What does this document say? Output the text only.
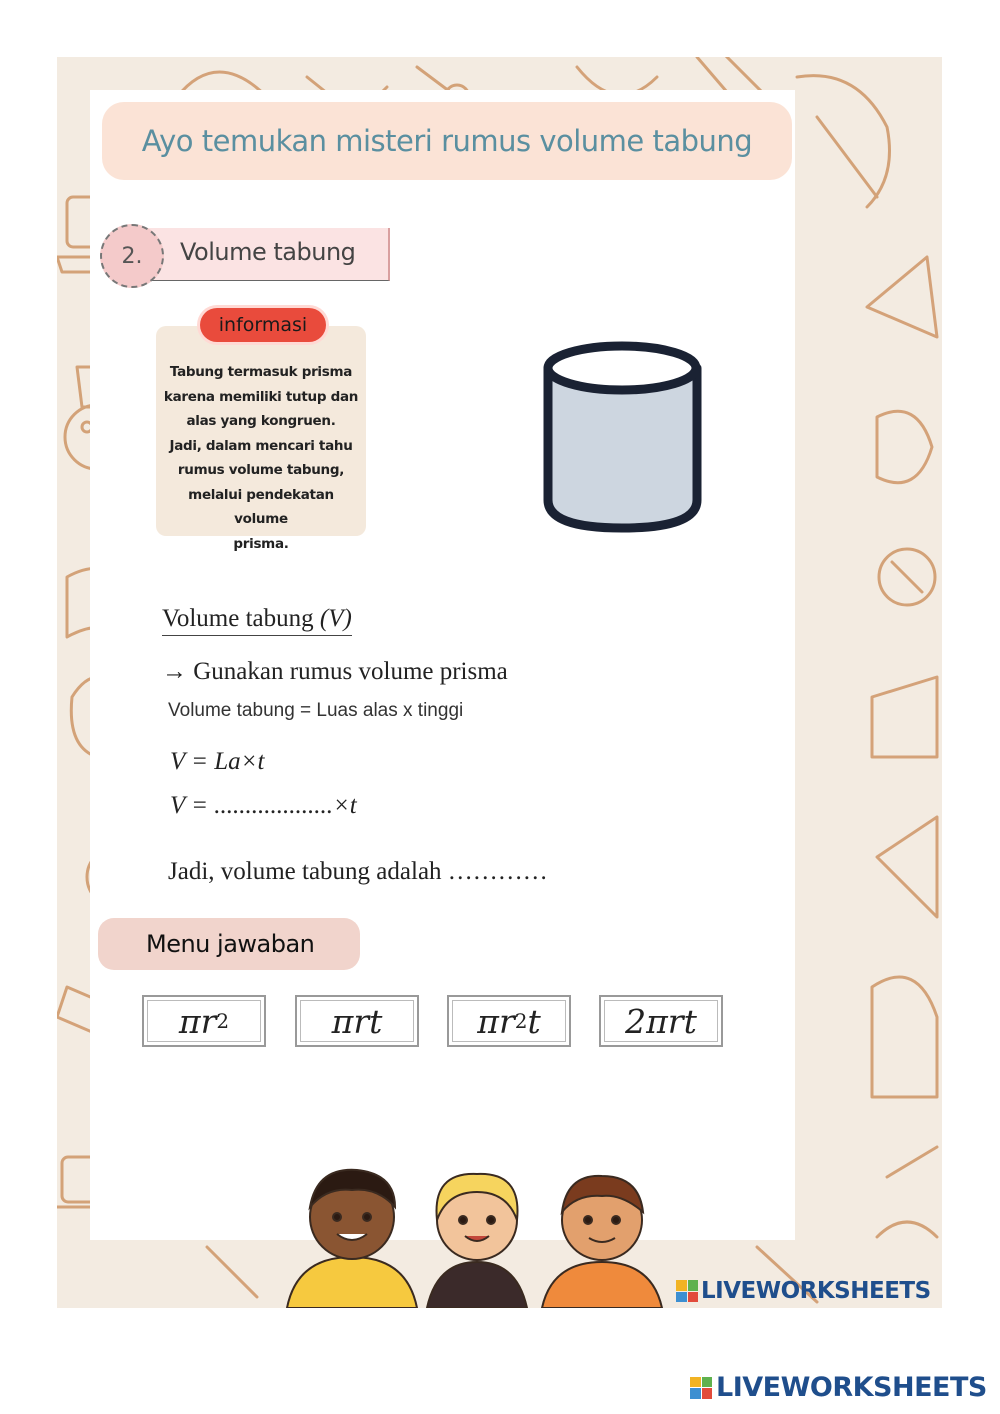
Ayo temukan misteri rumus volume tabung
2. Volume tabung
informasi
Tabung termasuk prisma
karena memiliki tutup dan
alas yang kongruen.
Jadi, dalam mencari tahu
rumus volume tabung,
melalui pendekatan volume
prisma.
Volume tabung (V)
→ Gunakan rumus volume prisma
Volume tabung = Luas alas x tinggi
V = La×t
V = ...................×t
Jadi, volume tabung adalah …………
Menu jawaban
πr 2	πrt	πr 2 t	2πrt
LIVEWORKSHEETS
LIVEWORKSHEETS
